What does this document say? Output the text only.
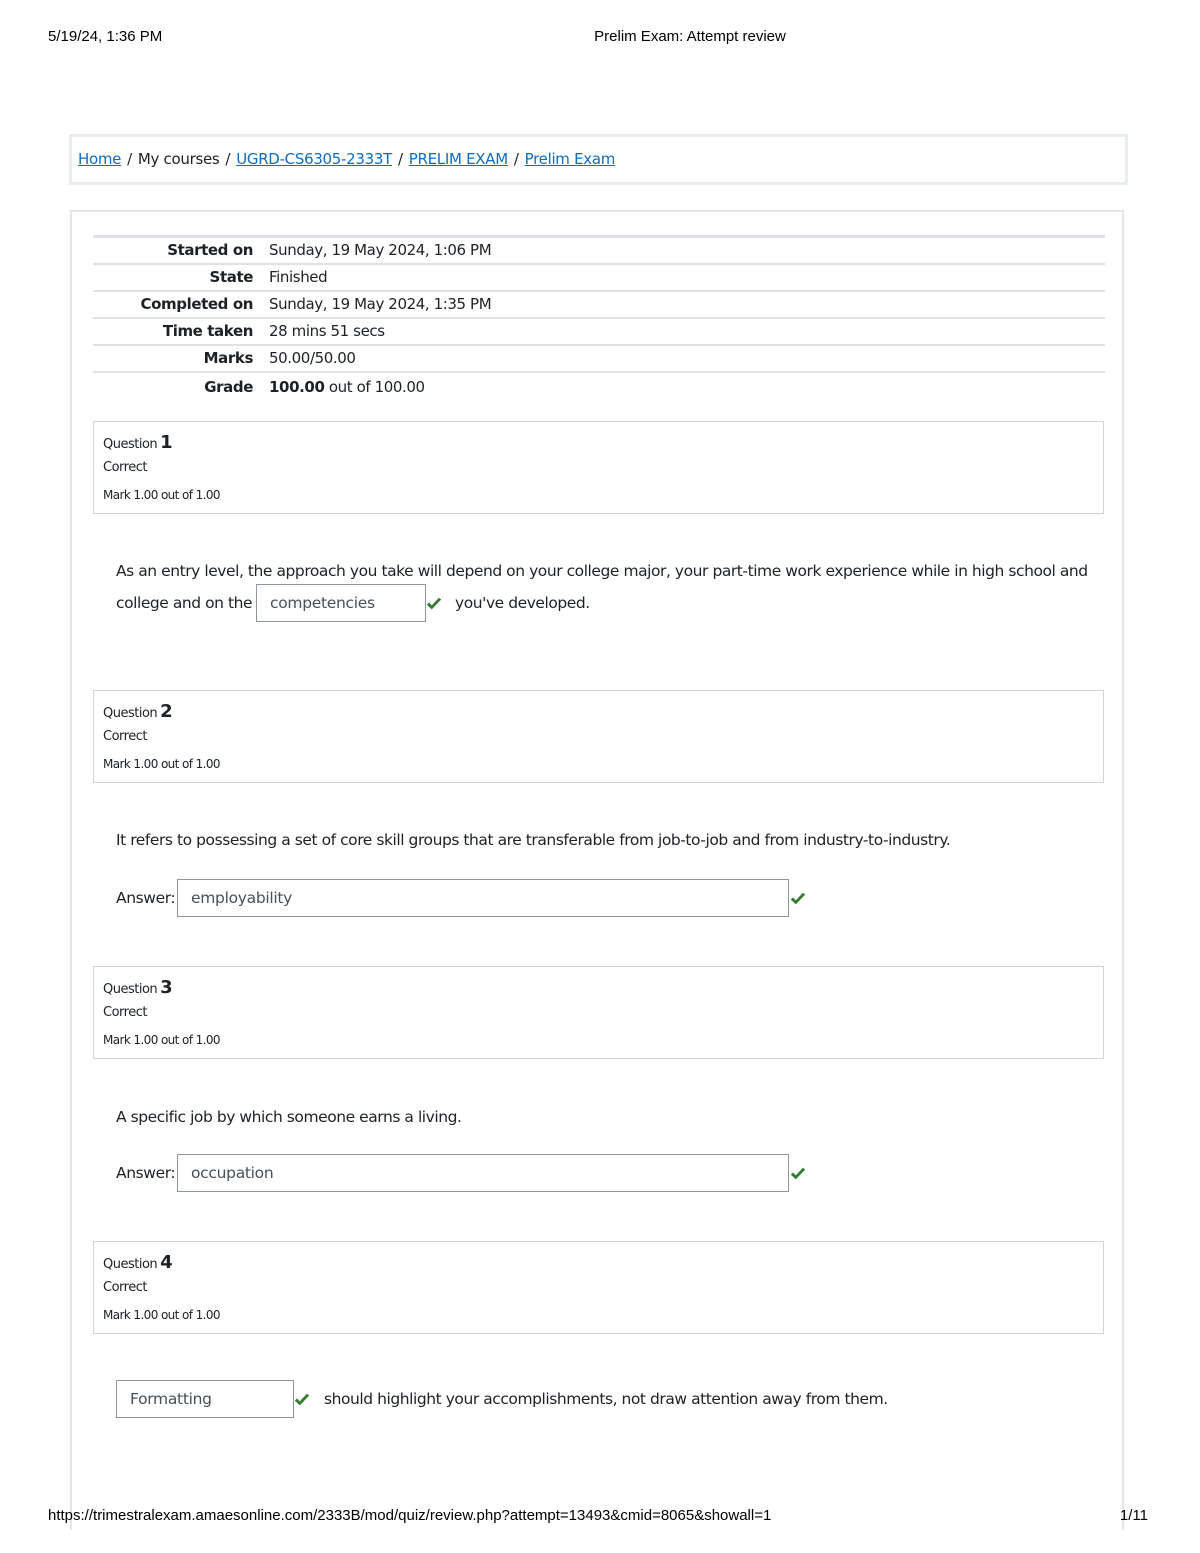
5/19/24, 1:36 PM	Prelim Exam: Attempt review
Home / My courses / UGRD-CS6305-2333T / PRELIM EXAM / Prelim Exam
Started on	Sunday, 19 May 2024, 1:06 PM
State	Finished
Completed on	Sunday, 19 May 2024, 1:35 PM
Time taken	28 mins 51 secs
Marks	50.00/50.00
Grade	100.00 out of 100.00
Question 1
Correct
Mark 1.00 out of 1.00
As an entry level, the approach you take will depend on your college major, your part-time work experience while in high school and
college and on the	competencies	you've developed.
Question 2
Correct
Mark 1.00 out of 1.00
It refers to possessing a set of core skill groups that are transferable from job-to-job and from industry-to-industry.
Answer:	employability
Question 3
Correct
Mark 1.00 out of 1.00
A specific job by which someone earns a living.
Answer:	occupation
Question 4
Correct
Mark 1.00 out of 1.00
Formatting	should highlight your accomplishments, not draw attention away from them.
https://trimestralexam.amaesonline.com/2333B/mod/quiz/review.php?attempt=13493&cmid=8065&showall=1	1/11
